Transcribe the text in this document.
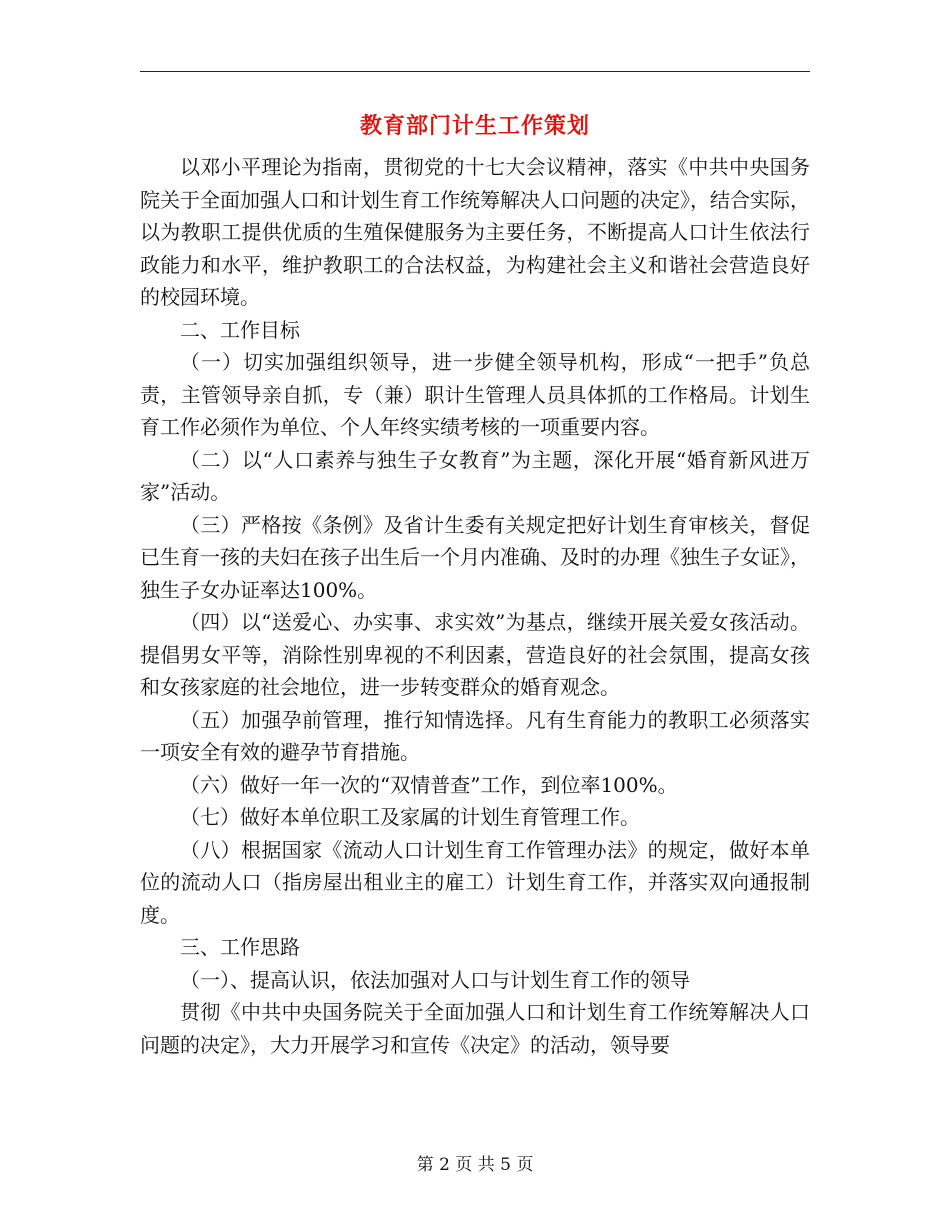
教育部门计生工作策划

以邓小平理论为指南，贯彻党的十七大会议精神，落实《中共中央国务院关于全面加强人口和计划生育工作统筹解决人口问题的决定》，结合实际，以为教职工提供优质的生殖保健服务为主要任务，不断提高人口计生依法行政能力和水平，维护教职工的合法权益，为构建社会主义和谐社会营造良好的校园环境。

二、工作目标

（一）切实加强组织领导，进一步健全领导机构，形成“一把手”负总责，主管领导亲自抓，专（兼）职计生管理人员具体抓的工作格局。计划生育工作必须作为单位、个人年终实绩考核的一项重要内容。

（二）以“人口素养与独生子女教育”为主题，深化开展“婚育新风进万家”活动。

（三）严格按《条例》及省计生委有关规定把好计划生育审核关，督促已生育一孩的夫妇在孩子出生后一个月内准确、及时的办理《独生子女证》，独生子女办证率达100%。

（四）以“送爱心、办实事、求实效”为基点，继续开展关爱女孩活动。提倡男女平等，消除性别卑视的不利因素，营造良好的社会氛围，提高女孩和女孩家庭的社会地位，进一步转变群众的婚育观念。

（五）加强孕前管理，推行知情选择。凡有生育能力的教职工必须落实一项安全有效的避孕节育措施。

（六）做好一年一次的“双情普查”工作，到位率100%。

（七）做好本单位职工及家属的计划生育管理工作。

（八）根据国家《流动人口计划生育工作管理办法》的规定，做好本单位的流动人口（指房屋出租业主的雇工）计划生育工作，并落实双向通报制度。

三、工作思路

（一）、提高认识，依法加强对人口与计划生育工作的领导

贯彻《中共中央国务院关于全面加强人口和计划生育工作统筹解决人口问题的决定》，大力开展学习和宣传《决定》的活动，领导要

第 2 页 共 5 页
